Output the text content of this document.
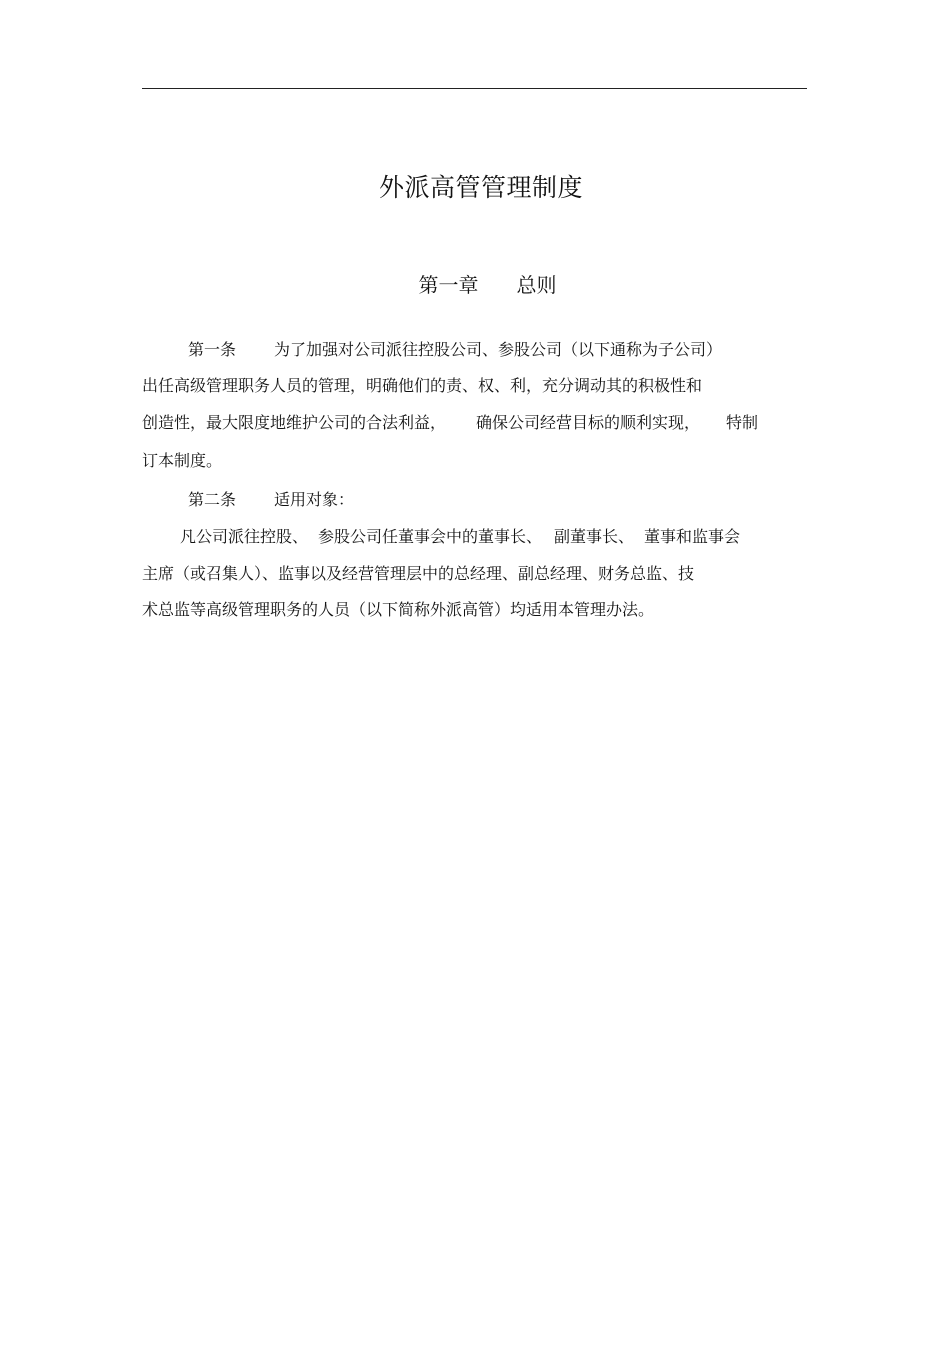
外派高管管理制度
第一章 总则
第一条 为了加强对公司派往控股公司、参股公司（以下通称为子公司）
出任高级管理职务人员的管理，明确他们的责、权、利，充分调动其的积极性和
创造性，最大限度地维护公司的合法利益， 确保公司经营目标的顺利实现， 特制
订本制度。
第二条 适用对象：
凡公司派往控股、 参股公司任董事会中的董事长、 副董事长、 董事和监事会
主席（或召集人）、监事以及经营管理层中的总经理、副总经理、财务总监、技
术总监等高级管理职务的人员（以下简称外派高管）均适用本管理办法。
